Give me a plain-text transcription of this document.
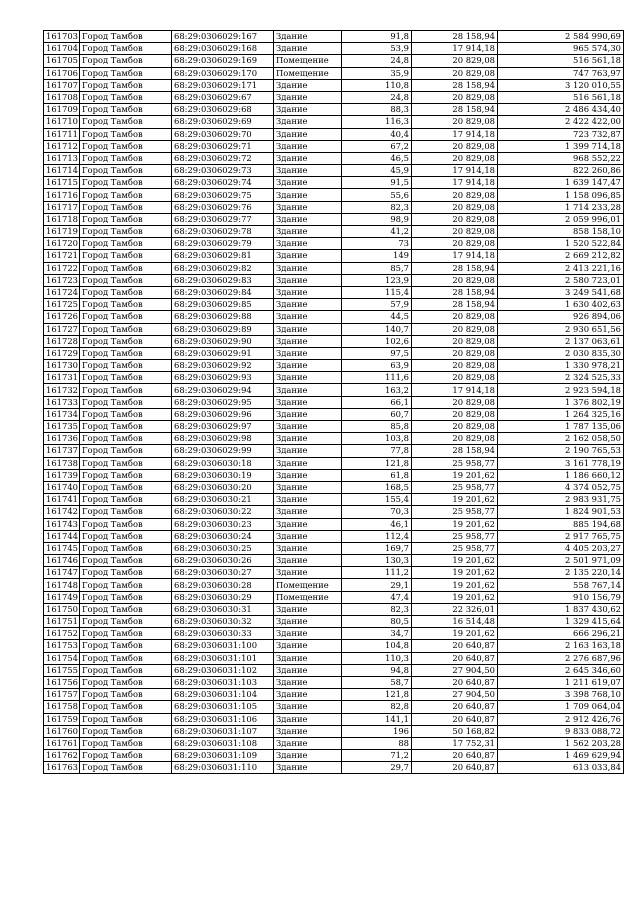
161703	Город Тамбов	68:29:0306029:167	Здание	91,8	28 158,94	2 584 990,69
161704	Город Тамбов	68:29:0306029:168	Здание	53,9	17 914,18	965 574,30
161705	Город Тамбов	68:29:0306029:169	Помещение	24,8	20 829,08	516 561,18
161706	Город Тамбов	68:29:0306029:170	Помещение	35,9	20 829,08	747 763,97
161707	Город Тамбов	68:29:0306029:171	Здание	110,8	28 158,94	3 120 010,55
161708	Город Тамбов	68:29:0306029:67	Здание	24,8	20 829,08	516 561,18
161709	Город Тамбов	68:29:0306029:68	Здание	88,3	28 158,94	2 486 434,40
161710	Город Тамбов	68:29:0306029:69	Здание	116,3	20 829,08	2 422 422,00
161711	Город Тамбов	68:29:0306029:70	Здание	40,4	17 914,18	723 732,87
161712	Город Тамбов	68:29:0306029:71	Здание	67,2	20 829,08	1 399 714,18
161713	Город Тамбов	68:29:0306029:72	Здание	46,5	20 829,08	968 552,22
161714	Город Тамбов	68:29:0306029:73	Здание	45,9	17 914,18	822 260,86
161715	Город Тамбов	68:29:0306029:74	Здание	91,5	17 914,18	1 639 147,47
161716	Город Тамбов	68:29:0306029:75	Здание	55,6	20 829,08	1 158 096,85
161717	Город Тамбов	68:29:0306029:76	Здание	82,3	20 829,08	1 714 233,28
161718	Город Тамбов	68:29:0306029:77	Здание	98,9	20 829,08	2 059 996,01
161719	Город Тамбов	68:29:0306029:78	Здание	41,2	20 829,08	858 158,10
161720	Город Тамбов	68:29:0306029:79	Здание	73	20 829,08	1 520 522,84
161721	Город Тамбов	68:29:0306029:81	Здание	149	17 914,18	2 669 212,82
161722	Город Тамбов	68:29:0306029:82	Здание	85,7	28 158,94	2 413 221,16
161723	Город Тамбов	68:29:0306029:83	Здание	123,9	20 829,08	2 580 723,01
161724	Город Тамбов	68:29:0306029:84	Здание	115,4	28 158,94	3 249 541,68
161725	Город Тамбов	68:29:0306029:85	Здание	57,9	28 158,94	1 630 402,63
161726	Город Тамбов	68:29:0306029:88	Здание	44,5	20 829,08	926 894,06
161727	Город Тамбов	68:29:0306029:89	Здание	140,7	20 829,08	2 930 651,56
161728	Город Тамбов	68:29:0306029:90	Здание	102,6	20 829,08	2 137 063,61
161729	Город Тамбов	68:29:0306029:91	Здание	97,5	20 829,08	2 030 835,30
161730	Город Тамбов	68:29:0306029:92	Здание	63,9	20 829,08	1 330 978,21
161731	Город Тамбов	68:29:0306029:93	Здание	111,6	20 829,08	2 324 525,33
161732	Город Тамбов	68:29:0306029:94	Здание	163,2	17 914,18	2 923 594,18
161733	Город Тамбов	68:29:0306029:95	Здание	66,1	20 829,08	1 376 802,19
161734	Город Тамбов	68:29:0306029:96	Здание	60,7	20 829,08	1 264 325,16
161735	Город Тамбов	68:29:0306029:97	Здание	85,8	20 829,08	1 787 135,06
161736	Город Тамбов	68:29:0306029:98	Здание	103,8	20 829,08	2 162 058,50
161737	Город Тамбов	68:29:0306029:99	Здание	77,8	28 158,94	2 190 765,53
161738	Город Тамбов	68:29:0306030:18	Здание	121,8	25 958,77	3 161 778,19
161739	Город Тамбов	68:29:0306030:19	Здание	61,8	19 201,62	1 186 660,12
161740	Город Тамбов	68:29:0306030:20	Здание	168,5	25 958,77	4 374 052,75
161741	Город Тамбов	68:29:0306030:21	Здание	155,4	19 201,62	2 983 931,75
161742	Город Тамбов	68:29:0306030:22	Здание	70,3	25 958,77	1 824 901,53
161743	Город Тамбов	68:29:0306030:23	Здание	46,1	19 201,62	885 194,68
161744	Город Тамбов	68:29:0306030:24	Здание	112,4	25 958,77	2 917 765,75
161745	Город Тамбов	68:29:0306030:25	Здание	169,7	25 958,77	4 405 203,27
161746	Город Тамбов	68:29:0306030:26	Здание	130,3	19 201,62	2 501 971,09
161747	Город Тамбов	68:29:0306030:27	Здание	111,2	19 201,62	2 135 220,14
161748	Город Тамбов	68:29:0306030:28	Помещение	29,1	19 201,62	558 767,14
161749	Город Тамбов	68:29:0306030:29	Помещение	47,4	19 201,62	910 156,79
161750	Город Тамбов	68:29:0306030:31	Здание	82,3	22 326,01	1 837 430,62
161751	Город Тамбов	68:29:0306030:32	Здание	80,5	16 514,48	1 329 415,64
161752	Город Тамбов	68:29:0306030:33	Здание	34,7	19 201,62	666 296,21
161753	Город Тамбов	68:29:0306031:100	Здание	104,8	20 640,87	2 163 163,18
161754	Город Тамбов	68:29:0306031:101	Здание	110,3	20 640,87	2 276 687,96
161755	Город Тамбов	68:29:0306031:102	Здание	94,8	27 904,50	2 645 346,60
161756	Город Тамбов	68:29:0306031:103	Здание	58,7	20 640,87	1 211 619,07
161757	Город Тамбов	68:29:0306031:104	Здание	121,8	27 904,50	3 398 768,10
161758	Город Тамбов	68:29:0306031:105	Здание	82,8	20 640,87	1 709 064,04
161759	Город Тамбов	68:29:0306031:106	Здание	141,1	20 640,87	2 912 426,76
161760	Город Тамбов	68:29:0306031:107	Здание	196	50 168,82	9 833 088,72
161761	Город Тамбов	68:29:0306031:108	Здание	88	17 752,31	1 562 203,28
161762	Город Тамбов	68:29:0306031:109	Здание	71,2	20 640,87	1 469 629,94
161763	Город Тамбов	68:29:0306031:110	Здание	29,7	20 640,87	613 033,84
